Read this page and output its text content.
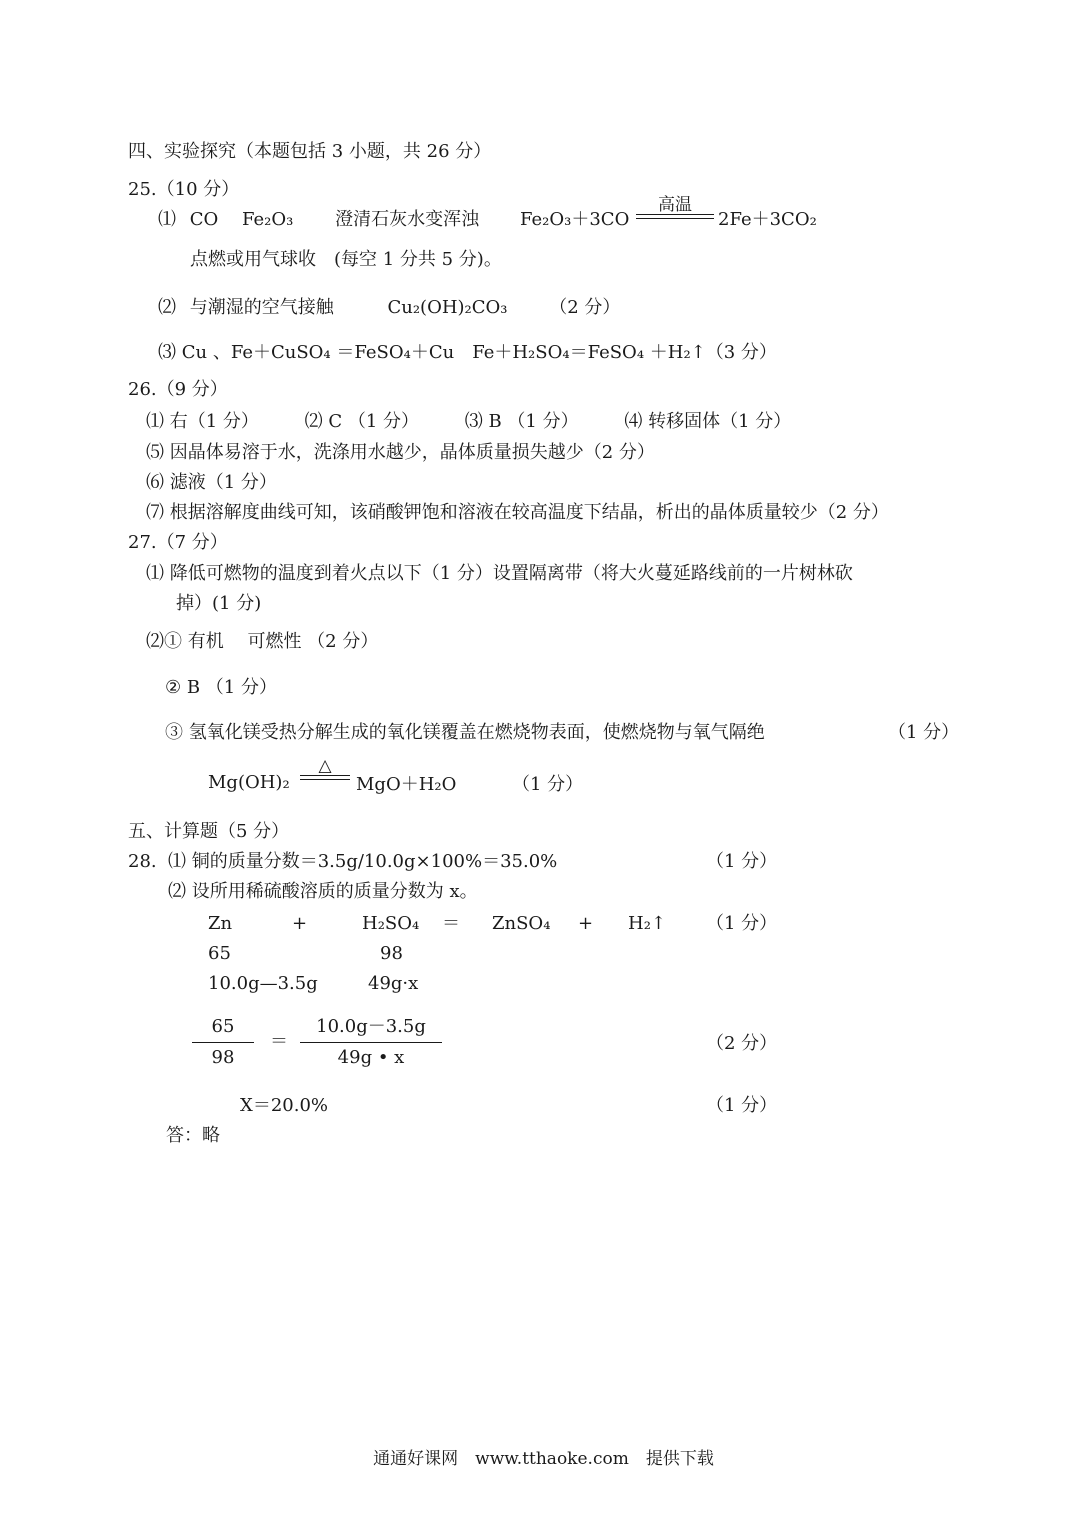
四、实验探究（本题包括 3 小题，共 26 分）
25.（10 分）
⑴ CO Fe₂O₃ 澄清石灰水变浑浊 Fe₂O₃＋3CO
高温
2Fe＋3CO₂
点燃或用气球收　(每空 1 分共 5 分)。
⑵ 与潮湿的空气接触	Cu₂(OH)₂CO₃ （2 分）
⑶ Cu 、Fe＋CuSO₄ ＝FeSO₄＋Cu　Fe＋H₂SO₄＝FeSO₄ ＋H₂↑（3 分）
26.（9 分）
⑴ 右（1 分）	⑵ C （1 分）	⑶ B （1 分）	⑷ 转移固体（1 分）
⑸ 因晶体易溶于水，洗涤用水越少，晶体质量损失越少（2 分）
⑹ 滤液（1 分）
⑺ 根据溶解度曲线可知，该硝酸钾饱和溶液在较高温度下结晶，析出的晶体质量较少（2 分）
27.（7 分）
⑴ 降低可燃物的温度到着火点以下（1 分）设置隔离带（将大火蔓延路线前的一片树林砍
掉）(1 分)
⑵① 有机　 可燃性 （2 分）
② B （1 分）
③ 氢氧化镁受热分解生成的氧化镁覆盖在燃烧物表面，使燃烧物与氧气隔绝	（1 分）
Mg(OH)₂
△
MgO＋H₂O	（1 分）
五、计算题（5 分）
28. ⑴ 铜的质量分数＝3.5g/10.0g×100%＝35.0%	（1 分）
⑵ 设所用稀硫酸溶质的质量分数为 x。
Zn	+	H₂SO₄ ＝ ZnSO₄ + H₂↑ （1 分）
65	98
10.0g—3.5g	49g·x
65
98
＝
10.0g－3.5g
49g • x
（2 分）
X＝20.0%	（1 分）
答：略
通通好课网　www.tthaoke.com　提供下载
